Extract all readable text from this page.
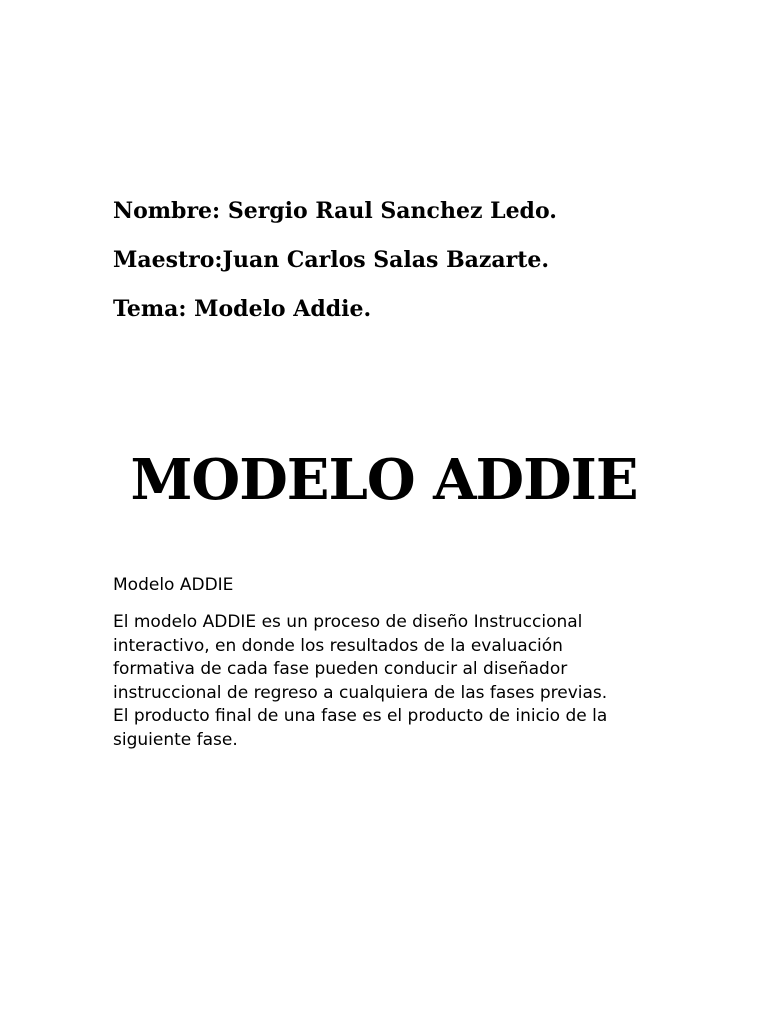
Nombre: Sergio Raul Sanchez Ledo.
Maestro:Juan Carlos Salas Bazarte.
Tema: Modelo Addie.
MODELO ADDIE
Modelo ADDIE
El modelo ADDIE es un proceso de diseño Instruccional
interactivo, en donde los resultados de la evaluación
formativa de cada fase pueden conducir al diseñador
instruccional de regreso a cualquiera de las fases previas.
El producto final de una fase es el producto de inicio de la
siguiente fase.
